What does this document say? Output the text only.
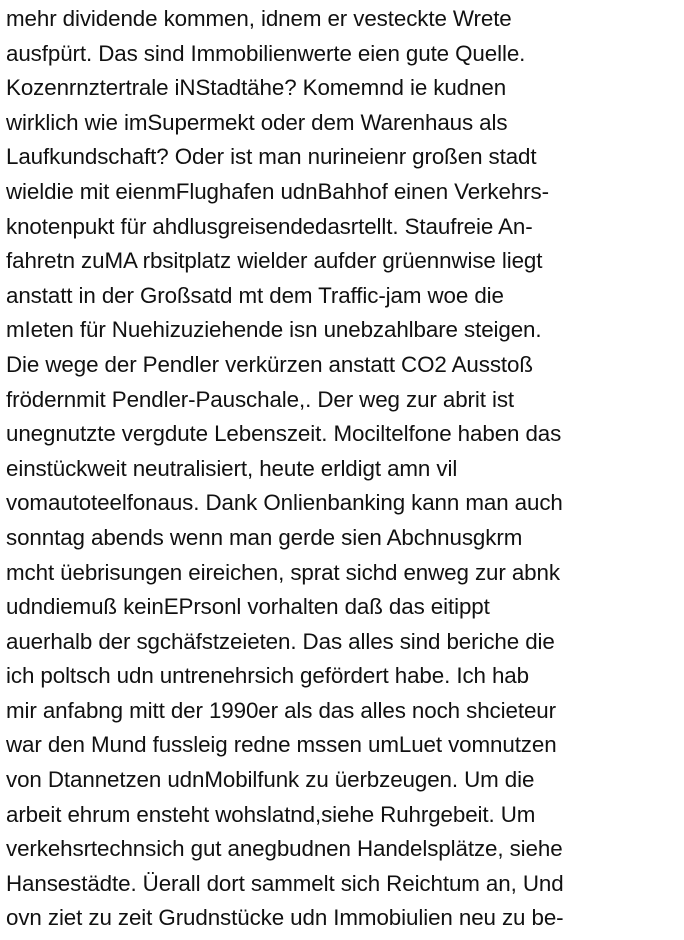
mehr dividende kommen, idnem er vesteckte Wrete
ausfpürt. Das sind Immobilienwerte eien gute Quelle.
Kozenrnztertrale iNStadtähe? Komemnd ie kudnen
wirklich wie imSupermekt oder dem Warenhaus als
Laufkundschaft? Oder ist man nurineienr großen stadt
wieldie mit eienmFlughafen udnBahhof einen Verkehrs-
knotenpukt für ahdlusgreisendedasrtellt. Staufreie An-
fahretn zuMA rbsitplatz wielder aufder grüennwise liegt
anstatt in der Großsatd mt dem Traffic-jam woe die
mIeten für Nuehizuziehende isn unebzahlbare steigen.
Die wege der Pendler verkürzen anstatt CO2 Ausstoß
frödernmit Pendler-Pauschale,. Der weg zur abrit ist
unegnutzte vergdute Lebenszeit. Mociltelfone haben das
einstückweit neutralisiert, heute erldigt amn vil
vomautoteelfonaus. Dank Onlienbanking kann man auch
sonntag abends wenn man gerde sien Abchnusgkrm
mcht üebrisungen eireichen, sprat sichd enweg zur abnk
udndiemuß keinEPrsonl vorhalten daß das eitippt
auerhalb der sgchäfstzeieten. Das alles sind beriche die
ich poltsch udn untrenehrsich gefördert habe. Ich hab
mir anfabng mitt der 1990er als das alles noch shcieteur
war den Mund fussleig redne mssen umLuet vomnutzen
von Dtannetzen udnMobilfunk zu üerbzeugen. Um die
arbeit ehrum ensteht wohslatnd,siehe Ruhrgebeit. Um
verkehsrtechnsich gut anegbudnen Handelsplätze, siehe
Hansestädte. Üerall dort sammelt sich Reichtum an, Und
ovn ziet zu zeit Grudnstücke udn Immobiulien neu zu be-
